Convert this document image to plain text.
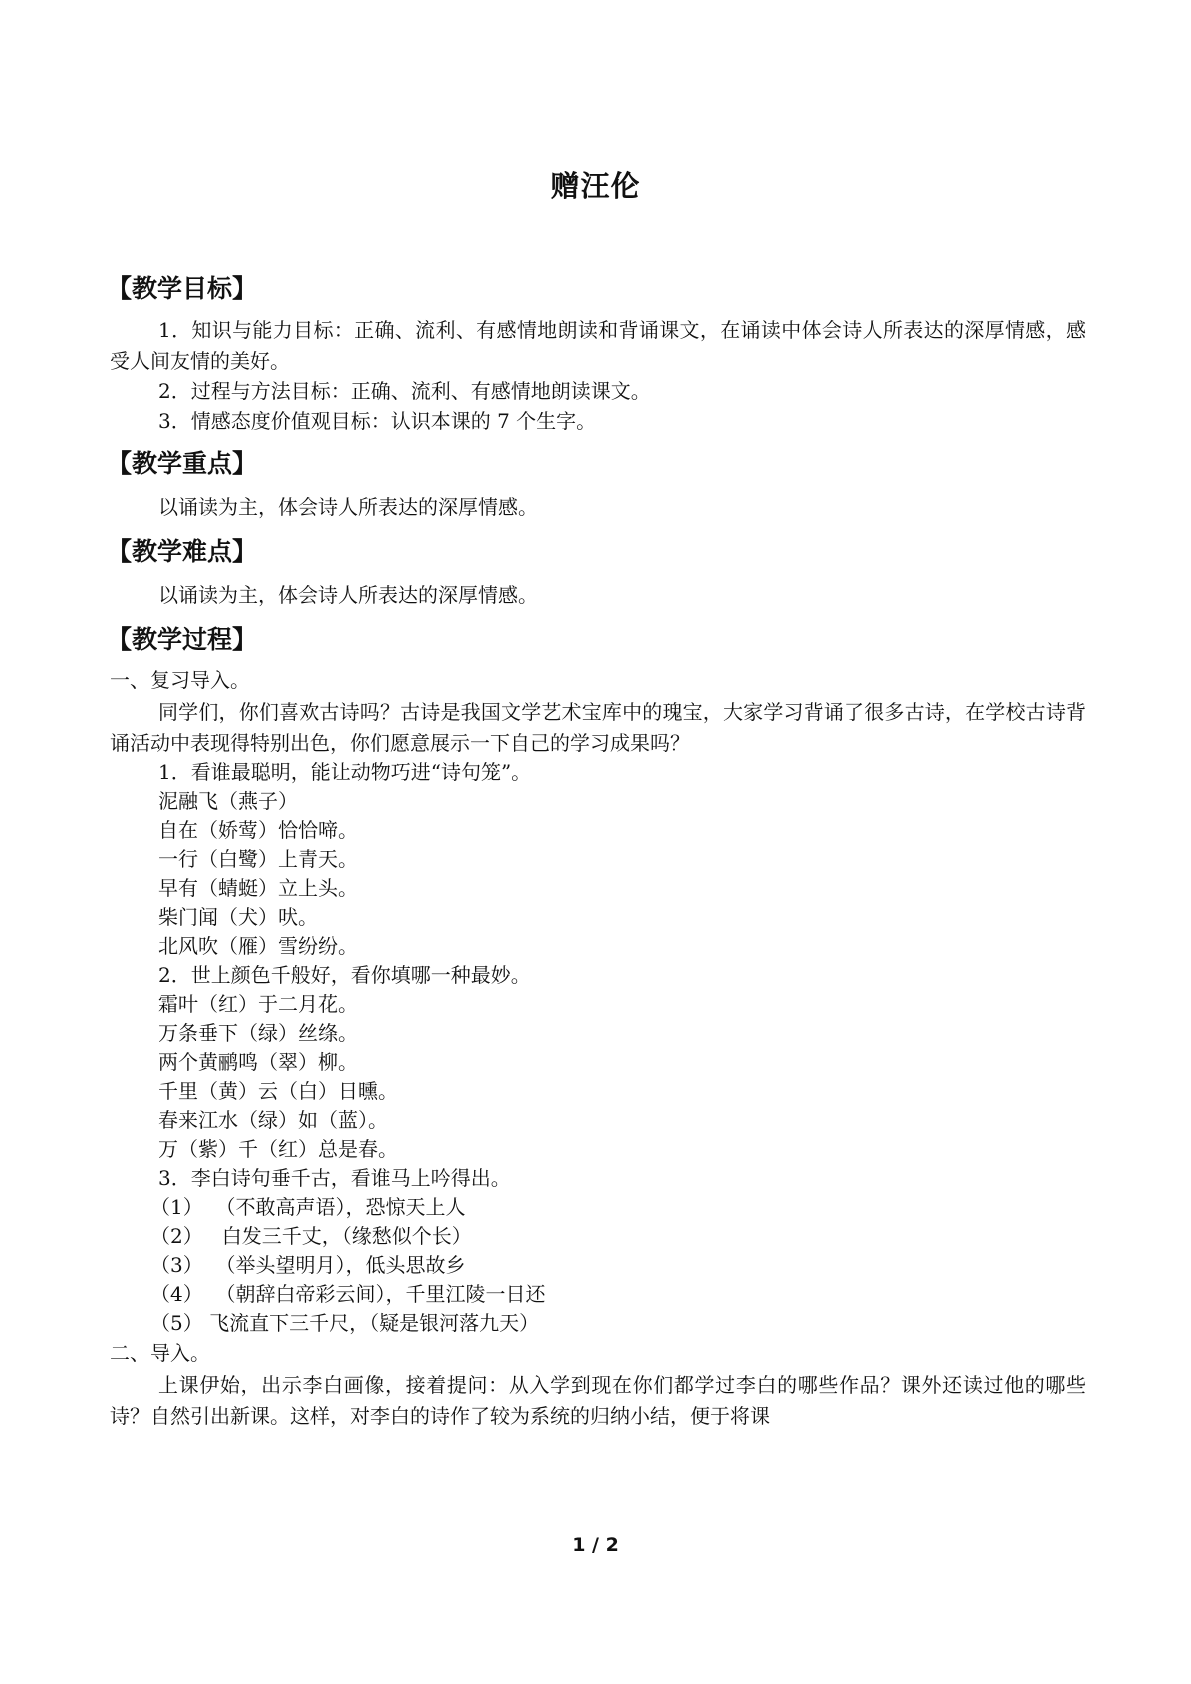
赠汪伦
【教学目标】
1．知识与能力目标：正确、流利、有感情地朗读和背诵课文，在诵读中体会诗人所表达的深厚情感，感受人间友情的美好。
2．过程与方法目标：正确、流利、有感情地朗读课文。
3．情感态度价值观目标：认识本课的 7 个生字。
【教学重点】
以诵读为主，体会诗人所表达的深厚情感。
【教学难点】
以诵读为主，体会诗人所表达的深厚情感。
【教学过程】
一、复习导入。
同学们，你们喜欢古诗吗？古诗是我国文学艺术宝库中的瑰宝，大家学习背诵了很多古诗，在学校古诗背诵活动中表现得特别出色，你们愿意展示一下自己的学习成果吗？
1．看谁最聪明，能让动物巧进“诗句笼”。
泥融飞（燕子）
自在（娇莺）恰恰啼。
一行（白鹭）上青天。
早有（蜻蜓）立上头。
柴门闻（犬）吠。
北风吹（雁）雪纷纷。
2．世上颜色千般好，看你填哪一种最妙。
霜叶（红）于二月花。
万条垂下（绿）丝绦。
两个黄鹂鸣（翠）柳。
千里（黄）云（白）日曛。
春来江水（绿）如（蓝）。
万（紫）千（红）总是春。
3．李白诗句垂千古，看谁马上吟得出。
（1）  （不敢高声语），恐惊天上人
（2）   白发三千丈，（缘愁似个长）
（3）  （举头望明月），低头思故乡
（4）  （朝辞白帝彩云间），千里江陵一日还
（5） 飞流直下三千尺，（疑是银河落九天）
二、导入。
上课伊始，出示李白画像，接着提问：从入学到现在你们都学过李白的哪些作品？课外还读过他的哪些诗？自然引出新课。这样，对李白的诗作了较为系统的归纳小结，便于将课
1 / 2
